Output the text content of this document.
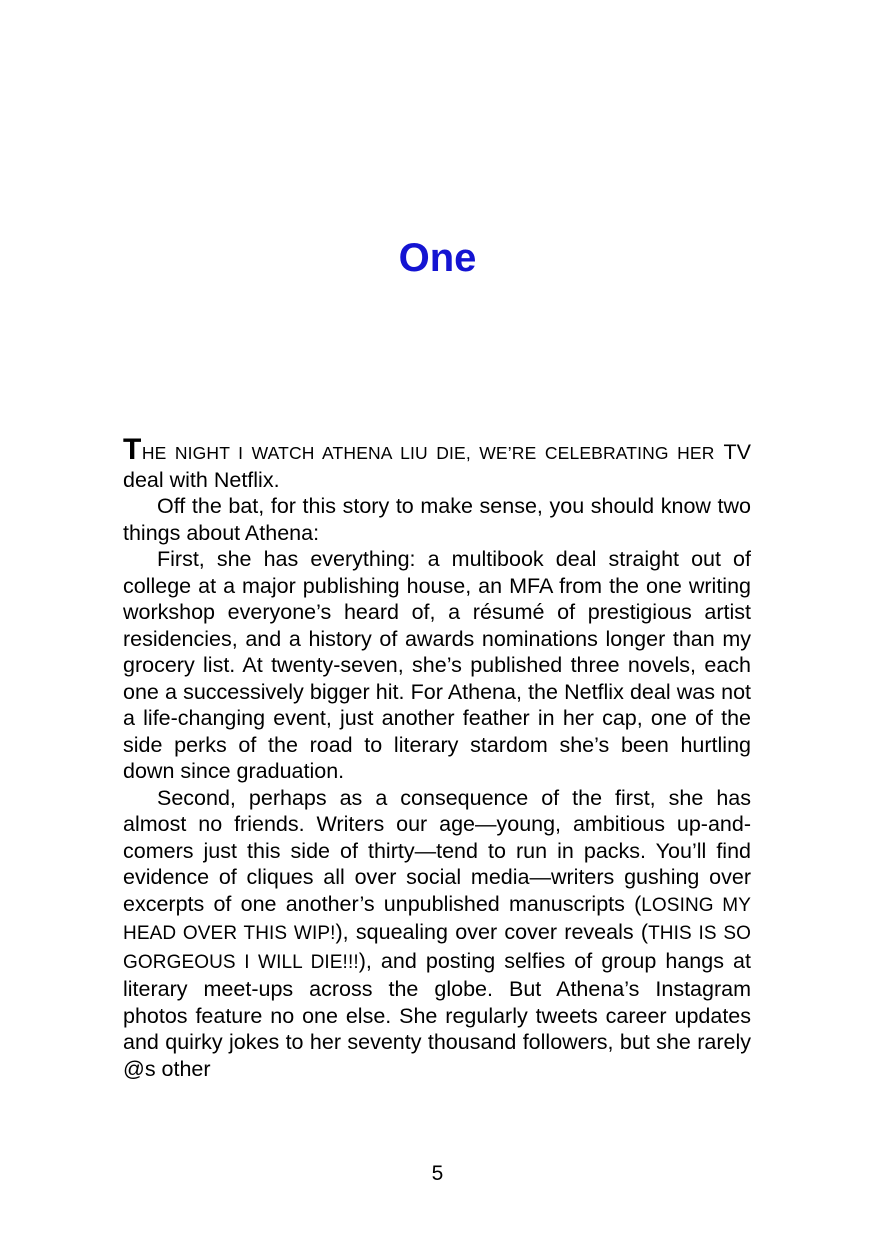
One

THE NIGHT I WATCH ATHENA LIU DIE, WE’RE CELEBRATING HER TV deal with Netflix.

Off the bat, for this story to make sense, you should know two things about Athena:

First, she has everything: a multibook deal straight out of college at a major publishing house, an MFA from the one writing workshop everyone’s heard of, a résumé of prestigious artist residencies, and a history of awards nominations longer than my grocery list. At twenty-seven, she’s published three novels, each one a successively bigger hit. For Athena, the Netflix deal was not a life-changing event, just another feather in her cap, one of the side perks of the road to literary stardom she’s been hurtling down since graduation.

Second, perhaps as a consequence of the first, she has almost no friends. Writers our age—young, ambitious up-and-comers just this side of thirty—tend to run in packs. You’ll find evidence of cliques all over social media—writers gushing over excerpts of one another’s unpublished manuscripts (LOSING MY HEAD OVER THIS WIP!), squealing over cover reveals (THIS IS SO GORGEOUS I WILL DIE!!!), and posting selfies of group hangs at literary meet-ups across the globe. But Athena’s Instagram photos feature no one else. She regularly tweets career updates and quirky jokes to her seventy thousand followers, but she rarely @s other

5
